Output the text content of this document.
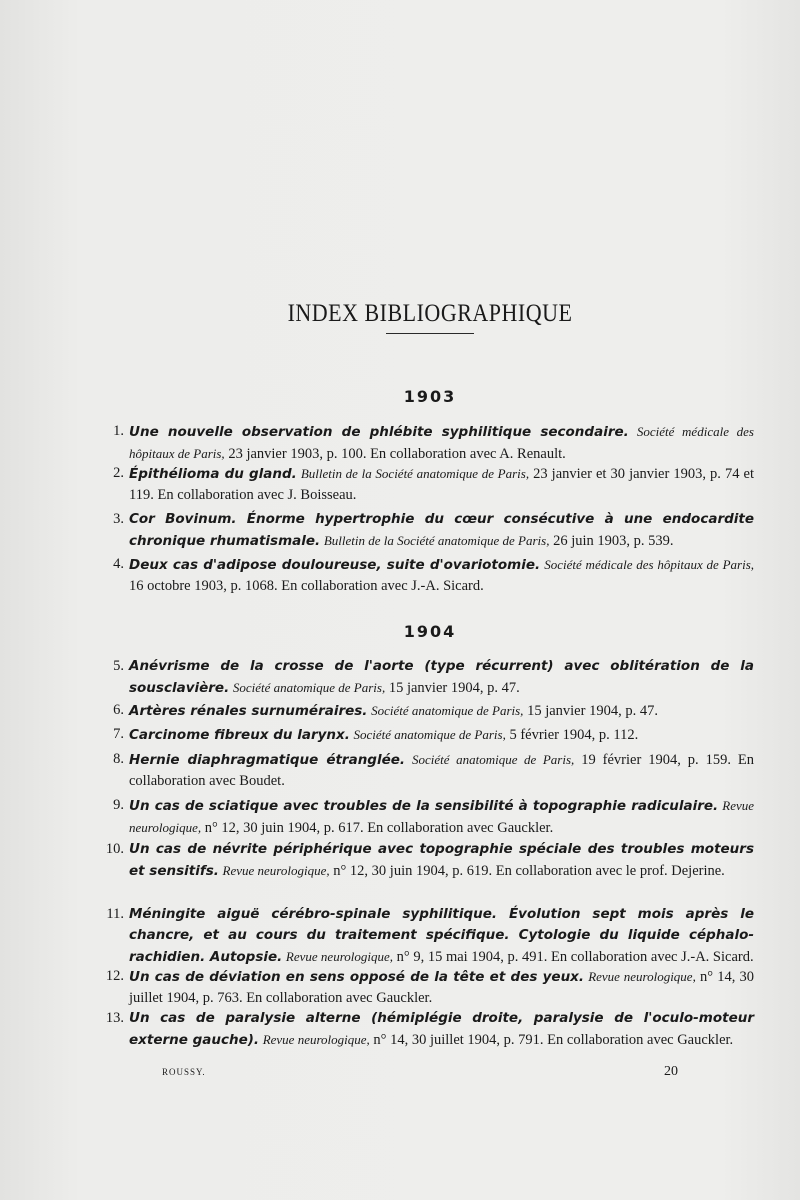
INDEX BIBLIOGRAPHIQUE
1903
1. Une nouvelle observation de phlébite syphilitique secondaire. Société médicale des hôpitaux de Paris, 23 janvier 1903, p. 100. En collaboration avec A. Renault.
2. Épithélioma du gland. Bulletin de la Société anatomique de Paris, 23 janvier et 30 janvier 1903, p. 74 et 119. En collaboration avec J. Boisseau.
3. Cor Bovinum. Énorme hypertrophie du cœur consécutive à une endocardite chronique rhumatismale. Bulletin de la Société anatomique de Paris, 26 juin 1903, p. 539.
4. Deux cas d'adipose douloureuse, suite d'ovariotomie. Société médicale des hôpitaux de Paris, 16 octobre 1903, p. 1068. En collaboration avec J.-A. Sicard.
1904
5. Anévrisme de la crosse de l'aorte (type récurrent) avec oblitération de la sousclavière. Société anatomique de Paris, 15 janvier 1904, p. 47.
6. Artères rénales surnuméraires. Société anatomique de Paris, 15 janvier 1904, p. 47.
7. Carcinome fibreux du larynx. Société anatomique de Paris, 5 février 1904, p. 112.
8. Hernie diaphragmatique étranglée. Société anatomique de Paris, 19 février 1904, p. 159. En collaboration avec Boudet.
9. Un cas de sciatique avec troubles de la sensibilité à topographie radiculaire. Revue neurologique, n° 12, 30 juin 1904, p. 617. En collaboration avec Gauckler.
10. Un cas de névrite périphérique avec topographie spéciale des troubles moteurs et sensitifs. Revue neurologique, n° 12, 30 juin 1904, p. 619. En collaboration avec le prof. Dejerine.
11. Méningite aiguë cérébro-spinale syphilitique. Évolution sept mois après le chancre, et au cours du traitement spécifique. Cytologie du liquide céphalo-rachidien. Autopsie. Revue neurologique, n° 9, 15 mai 1904, p. 491. En collaboration avec J.-A. Sicard.
12. Un cas de déviation en sens opposé de la tête et des yeux. Revue neurologique, n° 14, 30 juillet 1904, p. 763. En collaboration avec Gauckler.
13. Un cas de paralysie alterne (hémiplégie droite, paralysie de l'oculo-moteur externe gauche). Revue neurologique, n° 14, 30 juillet 1904, p. 791. En collaboration avec Gauckler.
ROUSSY.	20
